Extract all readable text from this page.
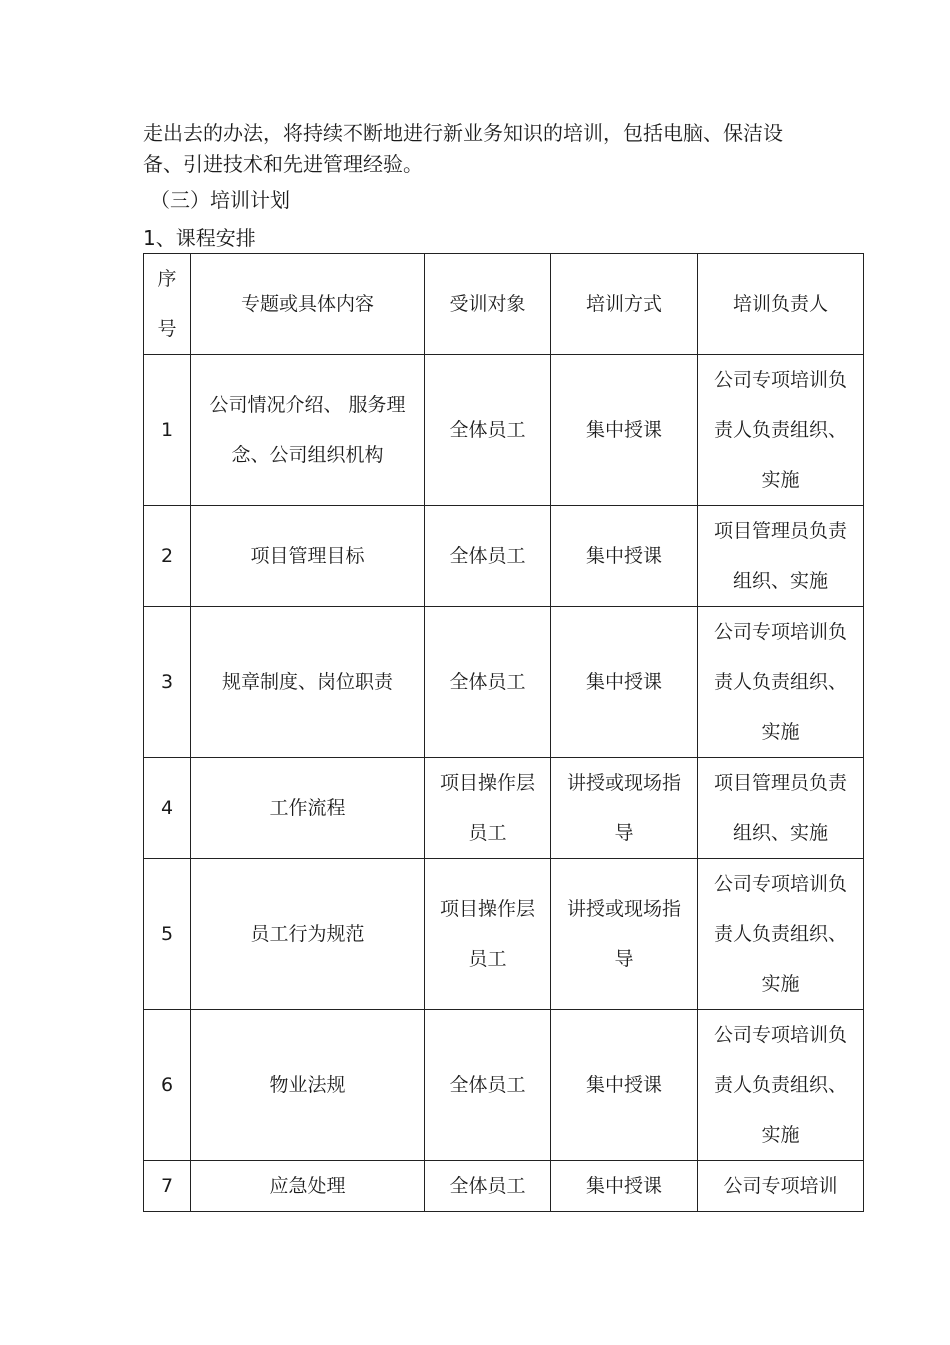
走出去的办法，将持续不断地进行新业务知识的培训，包括电脑、保洁设
备、引进技术和先进管理经验。

（三）培训计划

1、课程安排

序号	专题或具体内容	受训对象	培训方式	培训负责人
1	公司情况介绍、 服务理念、公司组织机构	全体员工	集中授课	公司专项培训负责人负责组织、实施
2	项目管理目标	全体员工	集中授课	项目管理员负责组织、实施
3	规章制度、岗位职责	全体员工	集中授课	公司专项培训负责人负责组织、实施
4	工作流程	项目操作层员工	讲授或现场指导	项目管理员负责组织、实施
5	员工行为规范	项目操作层员工	讲授或现场指导	公司专项培训负责人负责组织、实施
6	物业法规	全体员工	集中授课	公司专项培训负责人负责组织、实施
7	应急处理	全体员工	集中授课	公司专项培训
